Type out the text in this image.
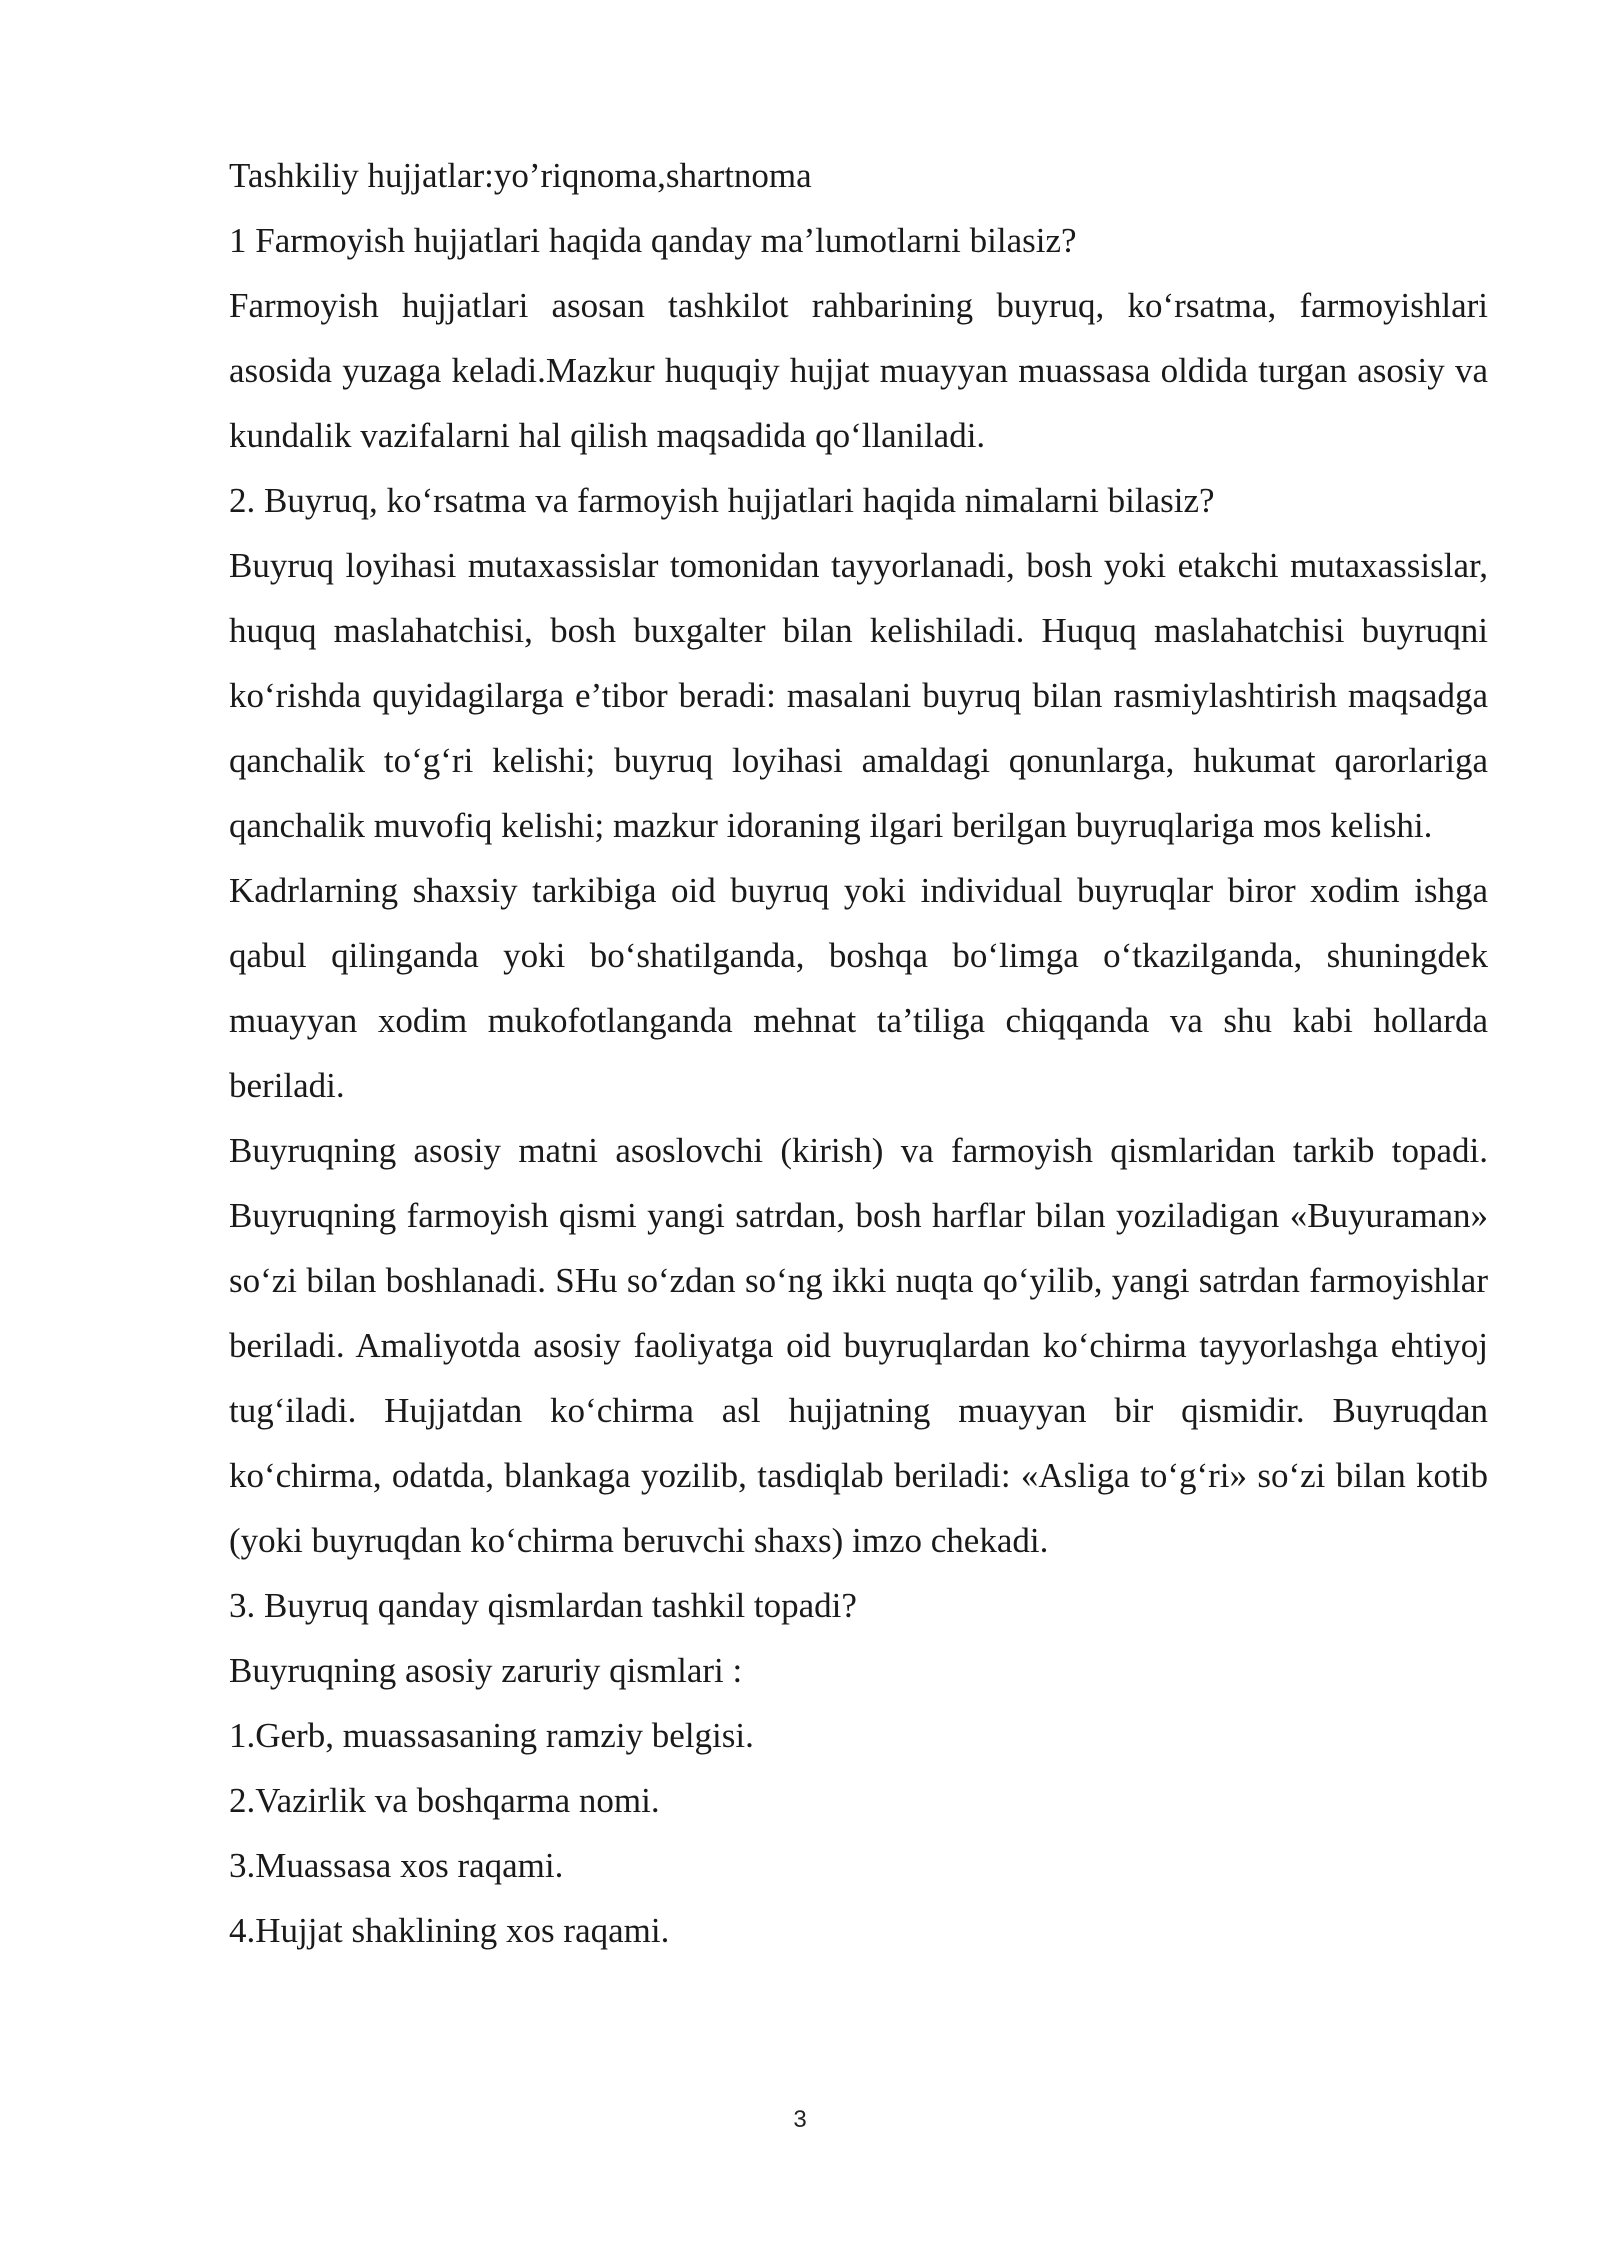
Tashkiliy hujjatlar:yo’riqnoma,shartnoma

1 Farmoyish hujjatlari haqida qanday ma’lumotlarni bilasiz?

Farmoyish hujjatlari asosan tashkilot rahbarining buyruq, ko‘rsatma, farmoyishlari asosida yuzaga keladi.Mazkur huquqiy hujjat muayyan muassasa oldida turgan asosiy va kundalik vazifalarni hal qilish maqsadida qo‘llaniladi.

2. Buyruq, ko‘rsatma va farmoyish hujjatlari haqida nimalarni bilasiz?

Buyruq loyihasi mutaxassislar tomonidan tayyorlanadi, bosh yoki etakchi mutaxassislar, huquq maslahatchisi, bosh buxgalter bilan kelishiladi. Huquq maslahatchisi buyruqni ko‘rishda quyidagilarga e’tibor beradi: masalani buyruq bilan rasmiylashtirish maqsadga qanchalik to‘g‘ri kelishi; buyruq loyihasi amaldagi qonunlarga, hukumat qarorlariga qanchalik muvofiq kelishi; mazkur idoraning ilgari berilgan buyruqlariga mos kelishi.

Kadrlarning shaxsiy tarkibiga oid buyruq yoki individual buyruqlar biror xodim ishga qabul qilinganda yoki bo‘shatilganda, boshqa bo‘limga o‘tkazilganda, shuningdek muayyan xodim mukofotlanganda mehnat ta’tiliga chiqqanda va shu kabi hollarda beriladi.

Buyruqning asosiy matni asoslovchi (kirish) va farmoyish qismlaridan tarkib topadi. Buyruqning farmoyish qismi yangi satrdan, bosh harflar bilan yoziladigan «Buyuraman» so‘zi bilan boshlanadi. SHu so‘zdan so‘ng ikki nuqta qo‘yilib, yangi satrdan farmoyishlar beriladi. Amaliyotda asosiy faoliyatga oid buyruqlardan ko‘chirma tayyorlashga ehtiyoj tug‘iladi. Hujjatdan ko‘chirma asl hujjatning muayyan bir qismidir. Buyruqdan ko‘chirma, odatda, blankaga yozilib, tasdiqlab beriladi: «Asliga to‘g‘ri» so‘zi bilan kotib (yoki buyruqdan ko‘chirma beruvchi shaxs) imzo chekadi.

3. Buyruq qanday qismlardan tashkil topadi?

Buyruqning asosiy zaruriy qismlari :

1.Gerb, muassasaning ramziy belgisi.

2.Vazirlik va boshqarma nomi.

3.Muassasa xos raqami.

4.Hujjat shaklining xos raqami.

3
